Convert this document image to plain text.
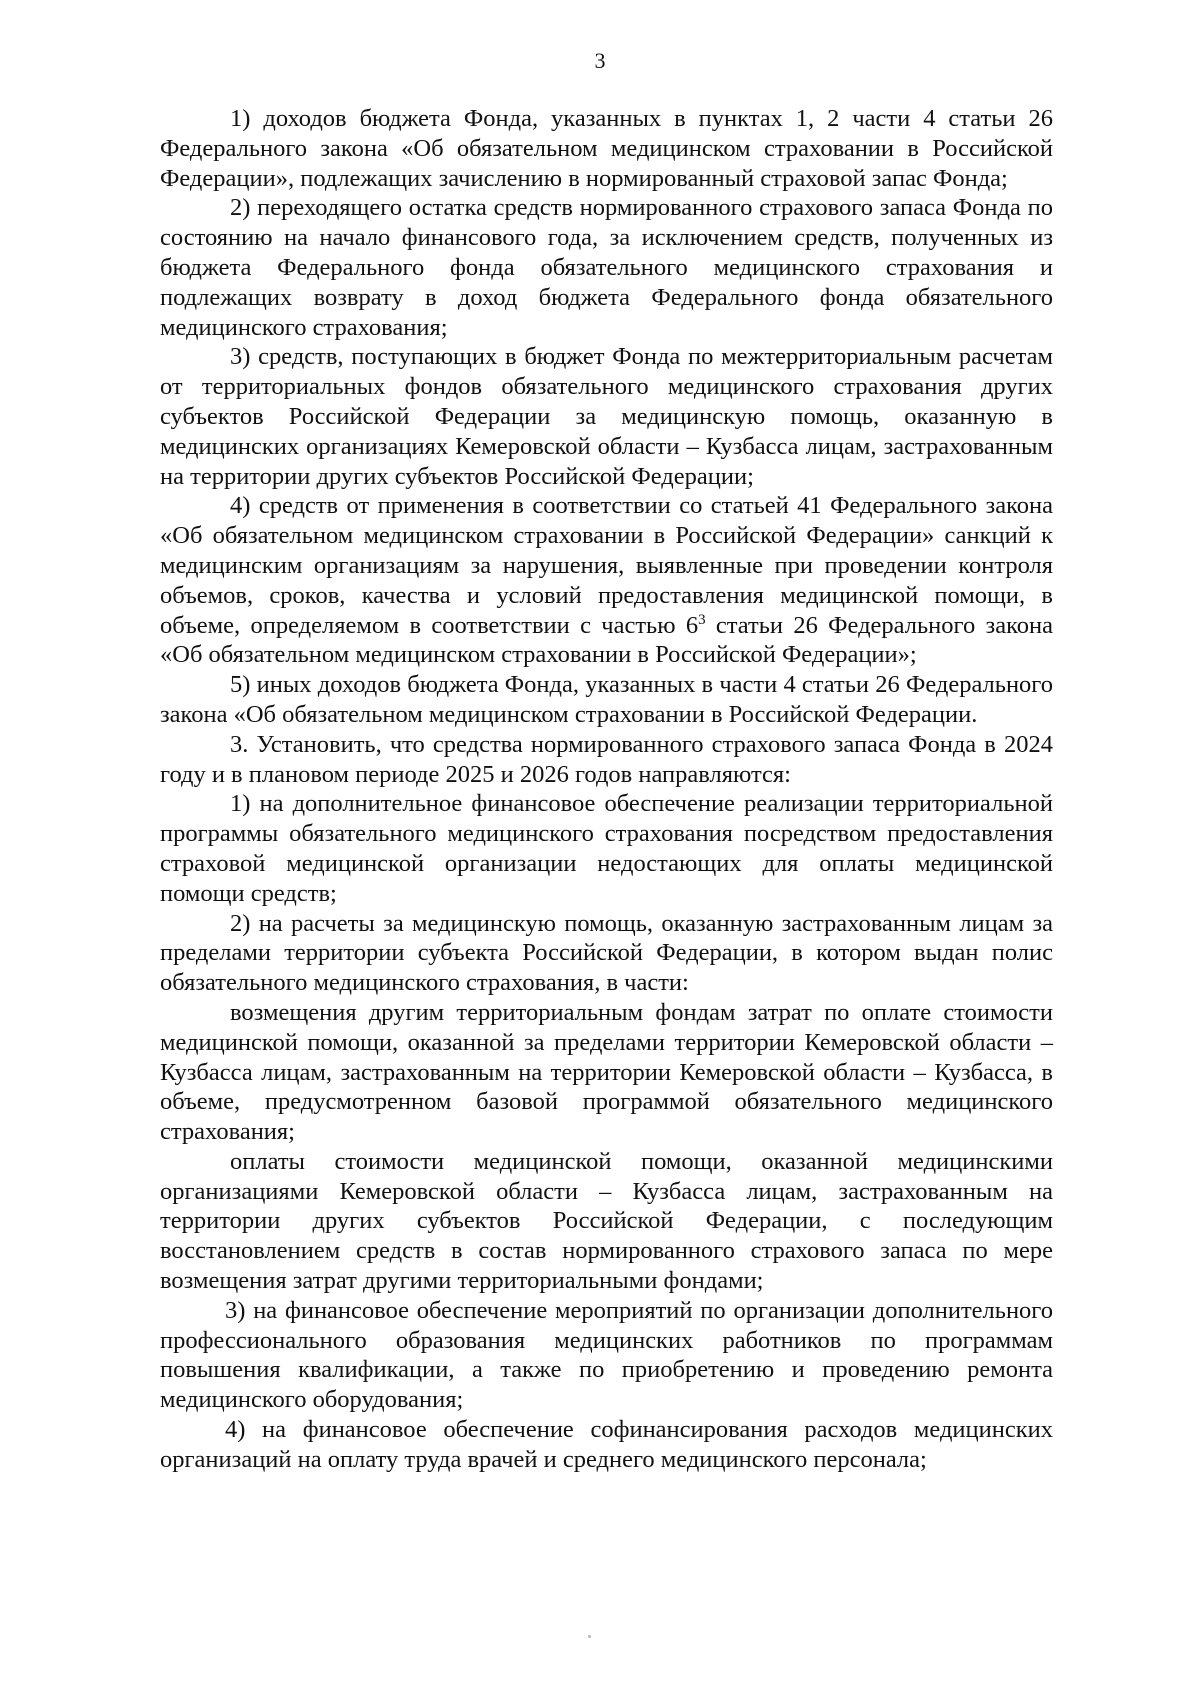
3

1) доходов бюджета Фонда, указанных в пунктах 1, 2 части 4 статьи 26 Федерального закона «Об обязательном медицинском страховании в Российской Федерации», подлежащих зачислению в нормированный страховой запас Фонда;

2) переходящего остатка средств нормированного страхового запаса Фонда по состоянию на начало финансового года, за исключением средств, полученных из бюджета Федерального фонда обязательного медицинского страхования и подлежащих возврату в доход бюджета Федерального фонда обязательного медицинского страхования;

3) средств, поступающих в бюджет Фонда по межтерриториальным расчетам от территориальных фондов обязательного медицинского страхования других субъектов Российской Федерации за медицинскую помощь, оказанную в медицинских организациях Кемеровской области – Кузбасса лицам, застрахованным на территории других субъектов Российской Федерации;

4) средств от применения в соответствии со статьей 41 Федерального закона «Об обязательном медицинском страховании в Российской Федерации» санкций к медицинским организациям за нарушения, выявленные при проведении контроля объемов, сроков, качества и условий предоставления медицинской помощи, в объеме, определяемом в соответствии с частью $6^3$ статьи 26 Федерального закона «Об обязательном медицинском страховании в Российской Федерации»;

5) иных доходов бюджета Фонда, указанных в части 4 статьи 26 Федерального закона «Об обязательном медицинском страховании в Российской Федерации.

3. Установить, что средства нормированного страхового запаса Фонда в 2024 году и в плановом периоде 2025 и 2026 годов направляются:

1) на дополнительное финансовое обеспечение реализации территориальной программы обязательного медицинского страхования посредством предоставления страховой медицинской организации недостающих для оплаты медицинской помощи средств;

2) на расчеты за медицинскую помощь, оказанную застрахованным лицам за пределами территории субъекта Российской Федерации, в котором выдан полис обязательного медицинского страхования, в части:

возмещения другим территориальным фондам затрат по оплате стоимости медицинской помощи, оказанной за пределами территории Кемеровской области – Кузбасса лицам, застрахованным на территории Кемеровской области – Кузбасса, в объеме, предусмотренном базовой программой обязательного медицинского страхования;

оплаты стоимости медицинской помощи, оказанной медицинскими организациями Кемеровской области – Кузбасса лицам, застрахованным на территории других субъектов Российской Федерации, с последующим восстановлением средств в состав нормированного страхового запаса по мере возмещения затрат другими территориальными фондами;

3) на финансовое обеспечение мероприятий по организации дополнительного профессионального образования медицинских работников по программам повышения квалификации, а также по приобретению и проведению ремонта медицинского оборудования;

4) на финансовое обеспечение софинансирования расходов медицинских организаций на оплату труда врачей и среднего медицинского персонала;
